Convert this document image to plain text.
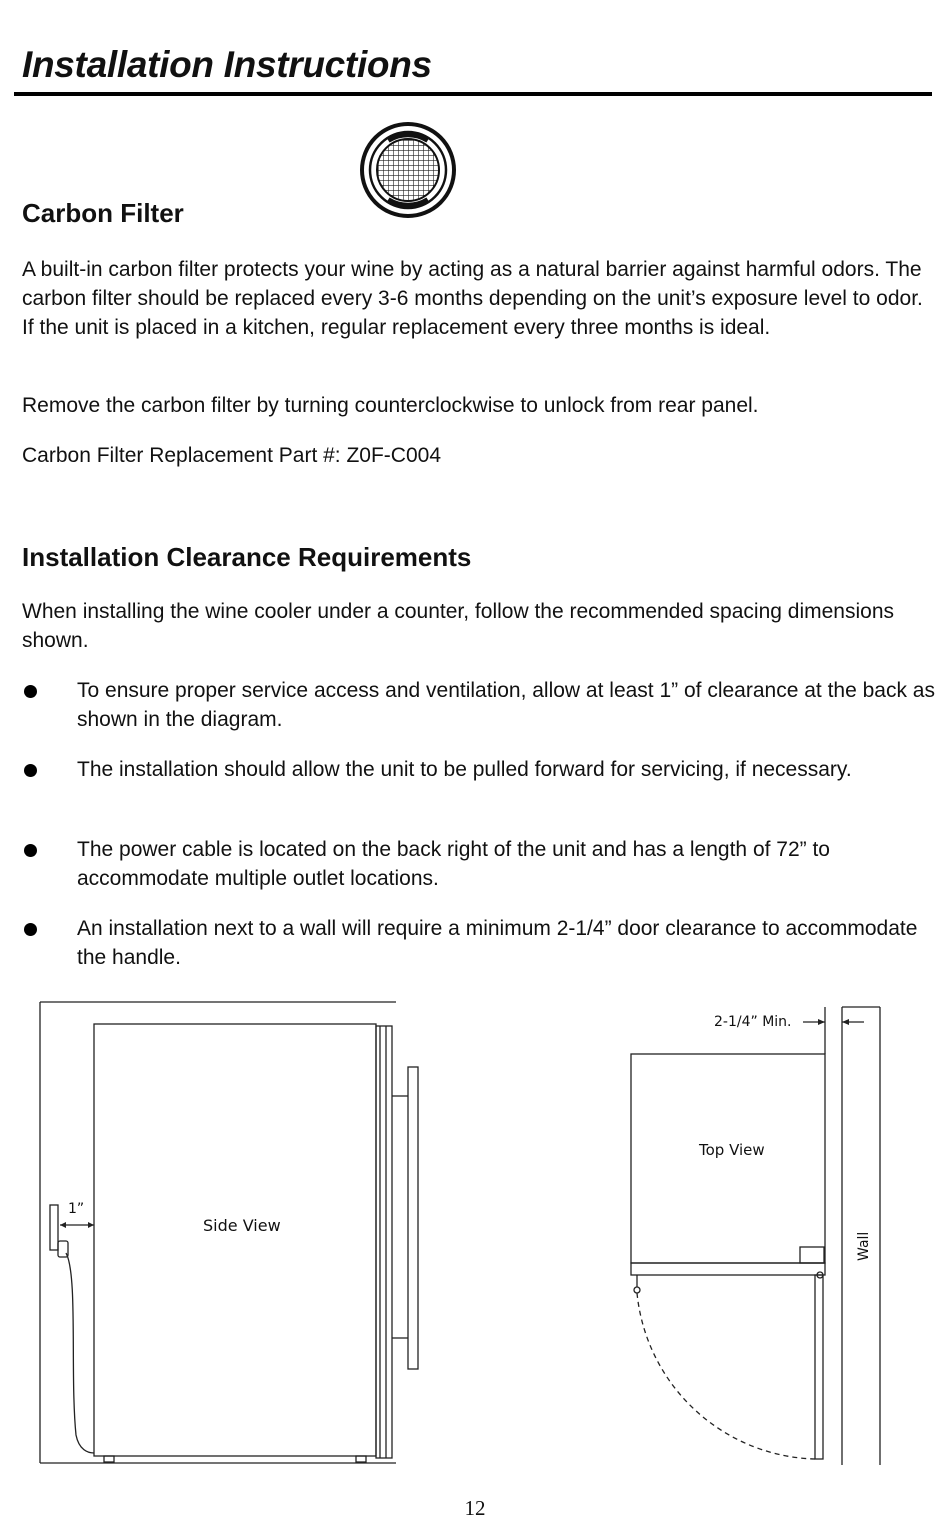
Installation Instructions
Carbon Filter

A built-in carbon filter protects your wine by acting as a natural barrier against harmful odors. The carbon filter should be replaced every 3-6 months depending on the unit’s exposure level to odor. If the unit is placed in a kitchen, regular replacement every three months is ideal.

Remove the carbon filter by turning counterclockwise to unlock from rear panel.

Carbon Filter Replacement Part #: Z0F-C004

Installation Clearance Requirements

When installing the wine cooler under a counter, follow the recommended spacing dimensions shown.

To ensure proper service access and ventilation, allow at least 1” of clearance at the back as shown in the diagram.

The installation should allow the unit to be pulled forward for servicing, if necessary.

The power cable is located on the back right of the unit and has a length of 72” to accommodate multiple outlet locations.

An installation next to a wall will require a minimum 2-1/4” door clearance to accommodate the handle.

1”
Side View
2-1/4” Min.
Top View
Wall
12
